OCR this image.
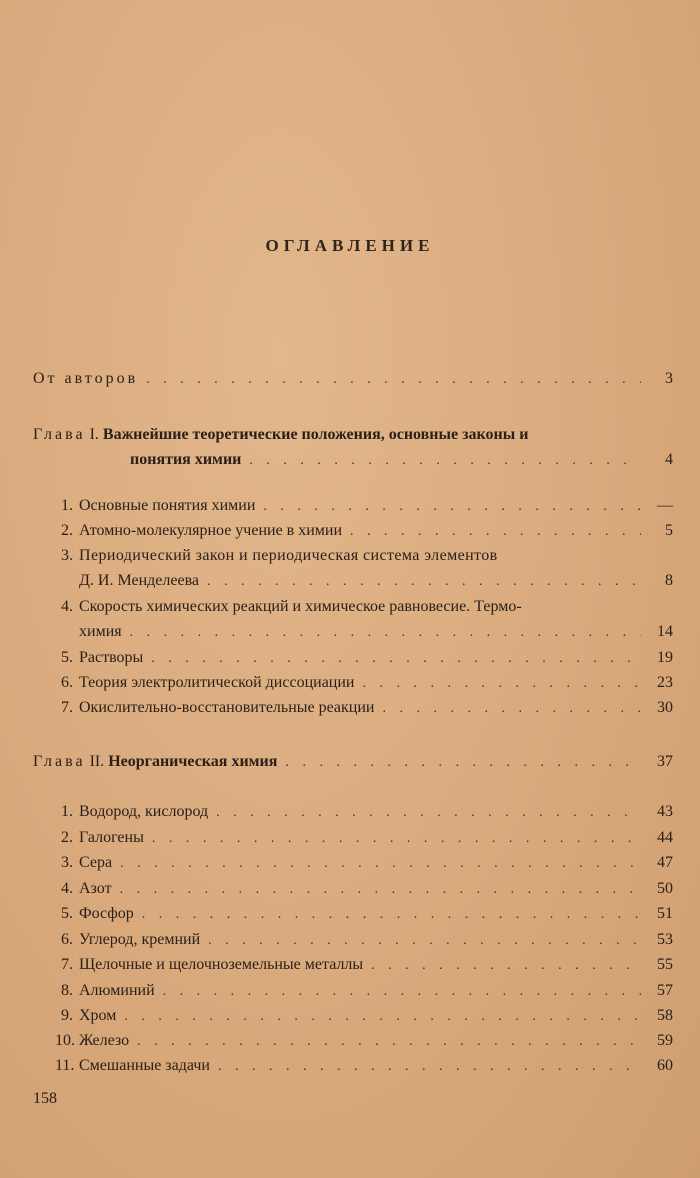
ОГЛАВЛЕНИЕ
От авторов . . .	3
Глава I. Важнейшие теоретические положения, основные законы и
понятия химии . . .	4
1. Основные понятия химии . . .	—
2. Атомно-молекулярное учение в химии . . .	5
3. Периодический закон и периодическая система элементов
Д. И. Менделеева . . .	8
4. Скорость химических реакций и химическое равновесие. Термо-
химия . . .	14
5. Растворы . . .	19
6. Теория электролитической диссоциации . . .	23
7. Окислительно-восстановительные реакции . . .	30
Глава II. Неорганическая химия . . .	37
1. Водород, кислород . . .	43
2. Галогены . . .	44
3. Сера . . .	47
4. Азот . . .	50
5. Фосфор . . .	51
6. Углерод, кремний . . .	53
7. Щелочные и щелочноземельные металлы . . .	55
8. Алюминий . . .	57
9. Хром . . .	58
10. Железо . . .	59
11. Смешанные задачи . . .	60
158
